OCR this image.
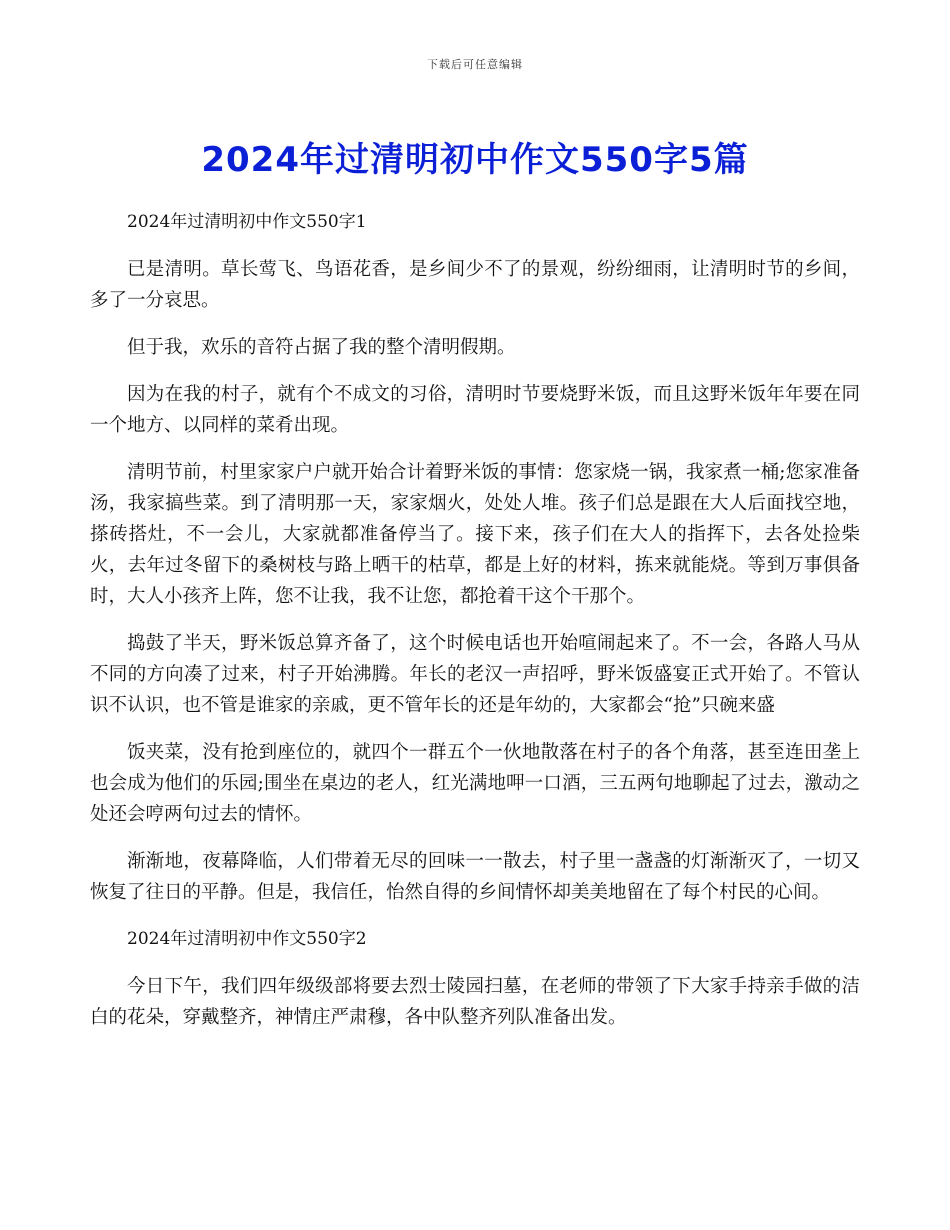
下载后可任意编辑
2024年过清明初中作文550字5篇

2024年过清明初中作文550字1

已是清明。草长莺飞、鸟语花香，是乡间少不了的景观，纷纷细雨，让清明时节的乡间，多了一分哀思。

但于我，欢乐的音符占据了我的整个清明假期。

因为在我的村子，就有个不成文的习俗，清明时节要烧野米饭，而且这野米饭年年要在同一个地方、以同样的菜肴出现。

清明节前，村里家家户户就开始合计着野米饭的事情：您家烧一锅，我家煮一桶;您家准备汤，我家搞些菜。到了清明那一天，家家烟火，处处人堆。孩子们总是跟在大人后面找空地，搽砖搭灶，不一会儿，大家就都准备停当了。接下来，孩子们在大人的指挥下，去各处捡柴火，去年过冬留下的桑树枝与路上晒干的枯草，都是上好的材料，拣来就能烧。等到万事俱备时，大人小孩齐上阵，您不让我，我不让您，都抢着干这个干那个。

捣鼓了半天，野米饭总算齐备了，这个时候电话也开始喧闹起来了。不一会，各路人马从不同的方向凑了过来，村子开始沸腾。年长的老汉一声招呼，野米饭盛宴正式开始了。不管认识不认识，也不管是谁家的亲戚，更不管年长的还是年幼的，大家都会“抢”只碗来盛

饭夹菜，没有抢到座位的，就四个一群五个一伙地散落在村子的各个角落，甚至连田垄上也会成为他们的乐园;围坐在桌边的老人，红光满地呷一口酒，三五两句地聊起了过去，激动之处还会哼两句过去的情怀。

渐渐地，夜幕降临，人们带着无尽的回味一一散去，村子里一盏盏的灯渐渐灭了，一切又恢复了往日的平静。但是，我信任，怡然自得的乡间情怀却美美地留在了每个村民的心间。

2024年过清明初中作文550字2

今日下午，我们四年级级部将要去烈士陵园扫墓，在老师的带领了下大家手持亲手做的洁白的花朵，穿戴整齐，神情庄严肃穆，各中队整齐列队准备出发。
